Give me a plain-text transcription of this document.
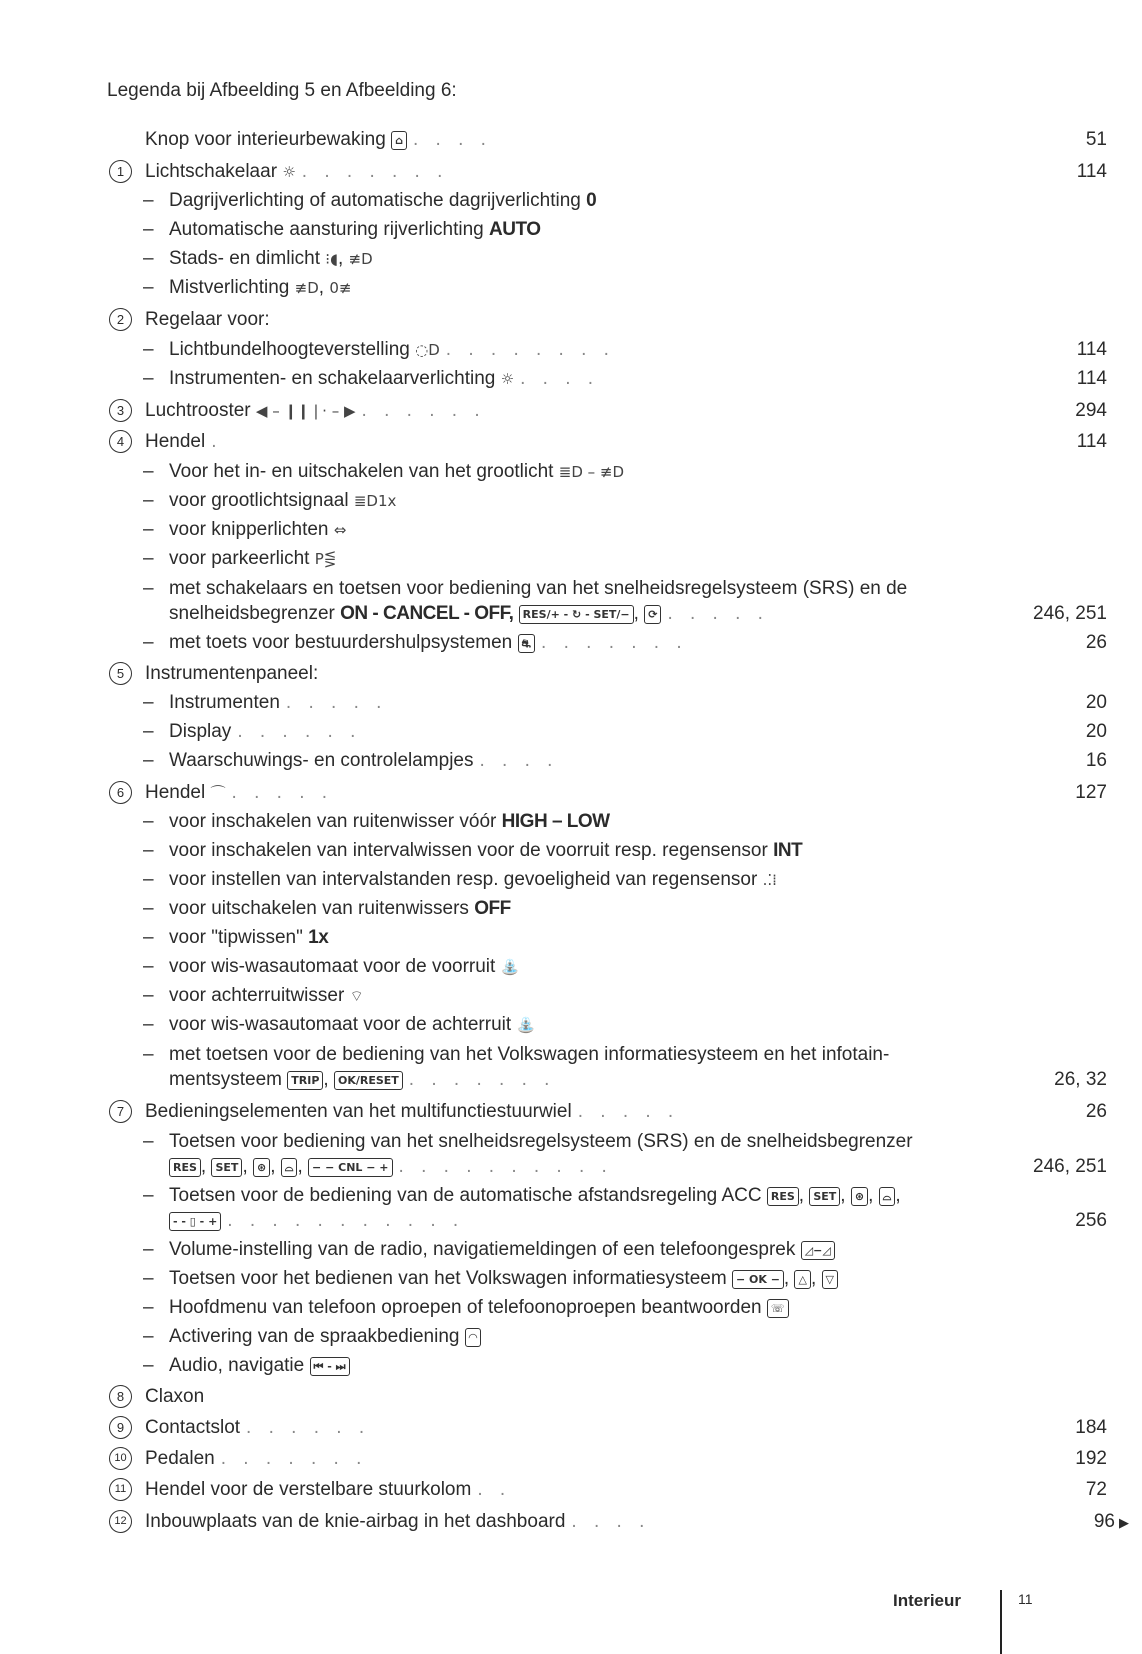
Legenda bij Afbeelding 5 en Afbeelding 6:
Knop voor interieurbewaking ⌂ . . . .	51
1	Lichtschakelaar ☼ . . . . . . .	114
– Dagrijverlichting of automatische dagrijverlichting 0
– Automatische aansturing rijverlichting AUTO
– Stads- en dimlicht ⁝◖, ≢D
– Mistverlichting ≢D, 0≢
2	Regelaar voor:
– Lichtbundelhoogteverstelling ◌D . . . . . . . .	114
– Instrumenten- en schakelaarverlichting ☼ . . . .	114
3	Luchtrooster ◀ – ❙❙❘· – ▶ . . . . . .	294
4	Hendel .	114
– Voor het in- en uitschakelen van het grootlicht ≣D – ≢D
– voor grootlichtsignaal ≣D1x
– voor knipperlichten ⇔
– voor parkeerlicht P⋚
– met schakelaars en toetsen voor bediening van het snelheidsregelsysteem (SRS) en de
snelheidsbegrenzer ON - CANCEL - OFF, RES/+ - ↻ - SET/− , ⟳ . . . . .	246, 251
– met toets voor bestuurdershulpsystemen ⛐ . . . . . . .	26
5	Instrumentenpaneel:
– Instrumenten . . . . .	20
– Display . . . . . .	20
– Waarschuwings- en controlelampjes . . . .	16
6	Hendel ⌒ . . . . .	127
– voor inschakelen van ruitenwisser vóór HIGH – LOW
– voor inschakelen van intervalwissen voor de voorruit resp. regensensor INT
– voor instellen van intervalstanden resp. gevoeligheid van regensensor .⁚⁞
– voor uitschakelen van ruitenwissers OFF
– voor "tipwissen" 1x
– voor wis-wasautomaat voor de voorruit ⛲
– voor achterruitwisser ⌔
– voor wis-wasautomaat voor de achterruit ⛲
– met toetsen voor de bediening van het Volkswagen informatiesysteem en het infotain-
mentsysteem TRIP , OK/RESET . . . . . . .	26, 32
7	Bedieningselementen van het multifunctiestuurwiel . . . . .	26
– Toetsen voor bediening van het snelheidsregelsysteem (SRS) en de snelheidsbegrenzer
RES , SET , ⊛ , ⌓ , − − CNL − + . . . . . . . . . .	246, 251
– Toetsen voor de bediening van de automatische afstandsregeling ACC RES , SET , ⊛ , ⌓ ,
- - ▯ - + . . . . . . . . . . .	256
– Volume-instelling van de radio, navigatiemeldingen of een telefoongesprek ◿−◿
– Toetsen voor het bedienen van het Volkswagen informatiesysteem − OK − , △ , ▽
– Hoofdmenu van telefoon oproepen of telefoonoproepen beantwoorden ☏
– Activering van de spraakbediening ◠
– Audio, navigatie ⏮ - ⏭
8	Claxon
9	Contactslot . . . . . .	184
10 Pedalen . . . . . . .	192
11 Hendel voor de verstelbare stuurkolom . .	72
12 Inbouwplaats van de knie-airbag in het dashboard . . . .	96 ▶
Interieur	11
